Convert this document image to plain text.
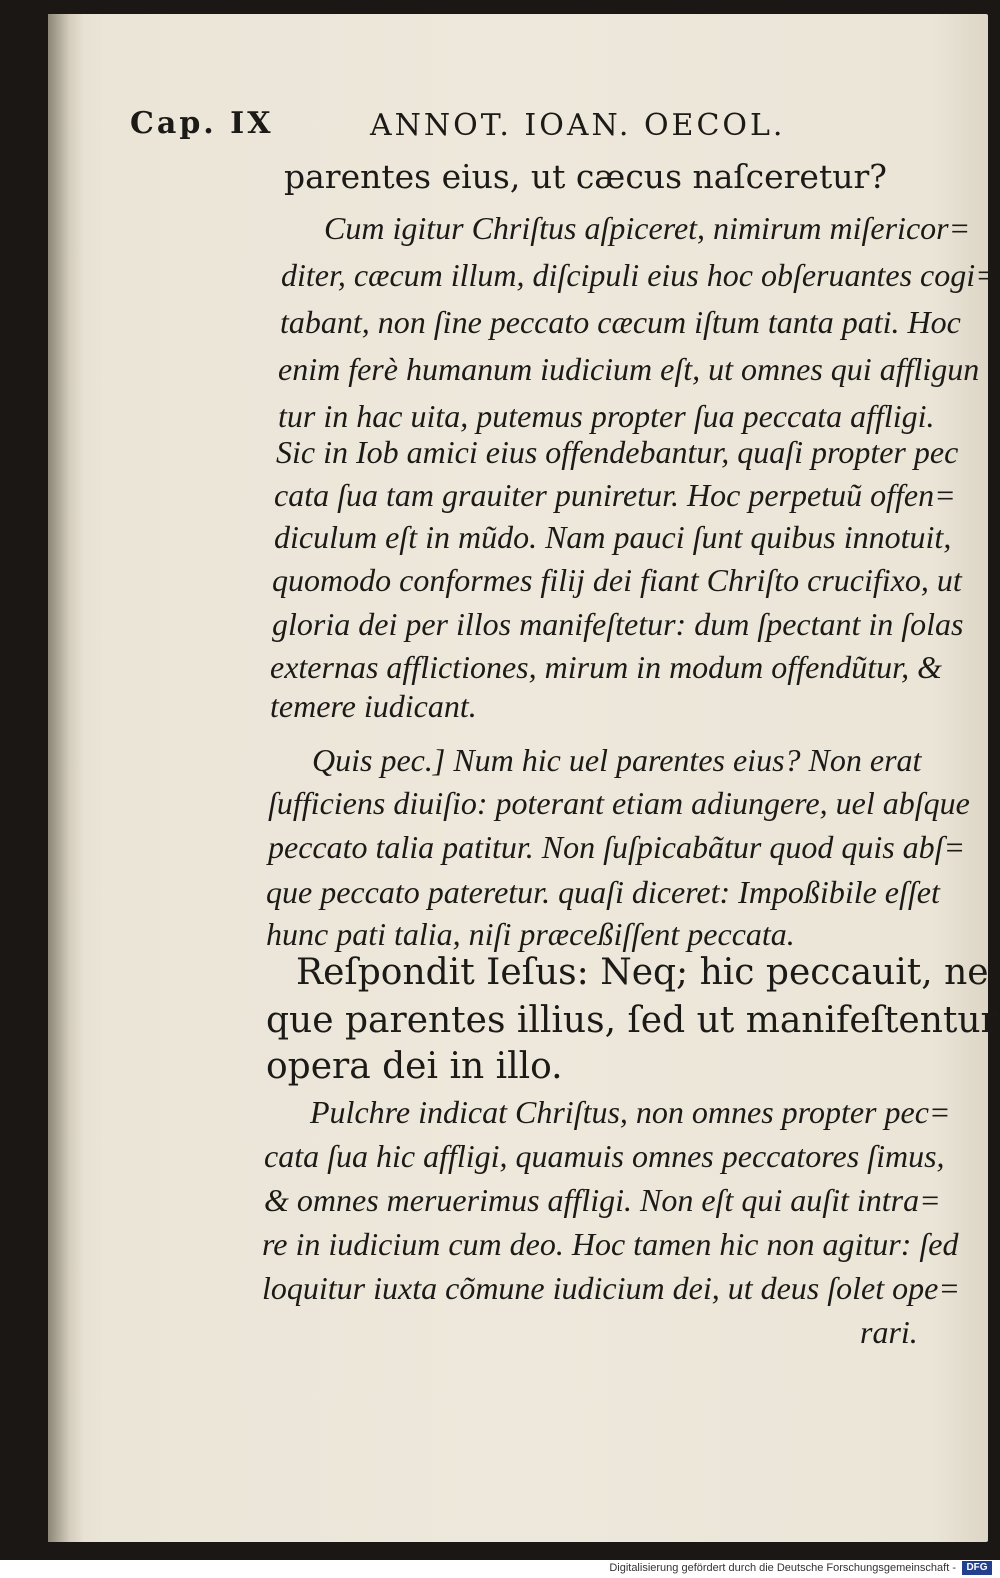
Cap. IX	ANNOT. IOAN. OECOL.
parentes eius, ut cæcus naſceretur?
Cum igitur Chriſtus aſpiceret, nimirum miſericor=
diter, cæcum illum, diſcipuli eius hoc obſeruantes cogi=
tabant, non ſine peccato cæcum iſtum tanta pati. Hoc
enim ferè humanum iudicium eſt, ut omnes qui affligun
tur in hac uita, putemus propter ſua peccata affligi.
Sic in Iob amici eius offendebantur, quaſi propter pec
cata ſua tam grauiter puniretur. Hoc perpetuũ offen=
diculum eſt in mũdo. Nam pauci ſunt quibus innotuit,
quomodo conformes filij dei fiant Chriſto crucifixo, ut
gloria dei per illos manifeſtetur: dum ſpectant in ſolas
externas afflictiones, mirum in modum offendũtur, &
temere iudicant.
Quis pec.] Num hic uel parentes eius? Non erat
ſufficiens diuiſio: poterant etiam adiungere, uel abſque
peccato talia patitur. Non ſuſpicabãtur quod quis abſ=
que peccato pateretur. quaſi diceret: Impoßibile eſſet
hunc pati talia, niſi præceßiſſent peccata.
Reſpondit Ieſus: Neq; hic peccauit, ne
que parentes illius, ſed ut manifeſtentur
opera dei in illo.
Pulchre indicat Chriſtus, non omnes propter pec=
cata ſua hic affligi, quamuis omnes peccatores ſimus,
& omnes meruerimus affligi. Non eſt qui auſit intra=
re in iudicium cum deo. Hoc tamen hic non agitur: ſed
loquitur iuxta cõmune iudicium dei, ut deus ſolet ope=
rari.
Digitalisierung gefördert durch die Deutsche Forschungsgemeinschaft -	DFG
